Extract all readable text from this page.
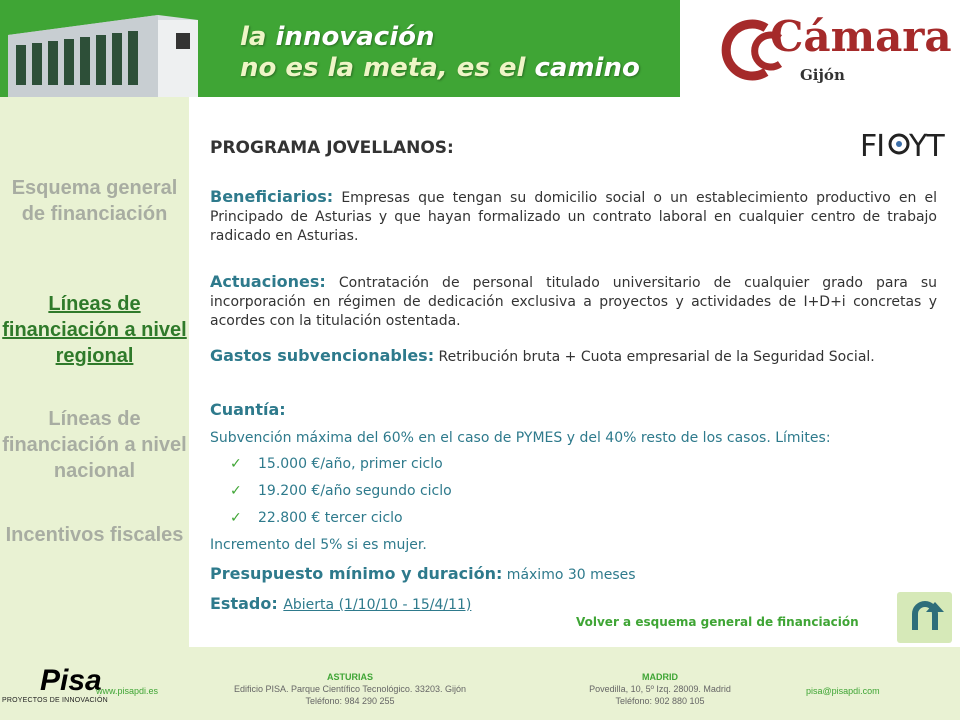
la innovación
no es la meta, es el camino
Cámara
Gijón
Esquema general de financiación
Líneas de financiación a nivel regional
Líneas de financiación a nivel nacional
Incentivos fiscales
FI YT
PROGRAMA JOVELLANOS:
Beneficiarios: Empresas que tengan su domicilio social o un establecimiento productivo en el Principado de Asturias y que hayan formalizado un contrato laboral en cualquier centro de trabajo radicado en Asturias.
Actuaciones: Contratación de personal titulado universitario de cualquier grado para su incorporación en régimen de dedicación exclusiva a proyectos y actividades de I+D+i concretas y acordes con la titulación ostentada.
Gastos subvencionables: Retribución bruta + Cuota empresarial de la Seguridad Social.
Cuantía:
Subvención máxima del 60% en el caso de PYMES y del 40% resto de los casos. Límites:
✓ 15.000 €/año, primer ciclo
✓ 19.200 €/año segundo ciclo
✓ 22.800 € tercer ciclo
Incremento del 5% si es mujer.
Presupuesto mínimo y duración: máximo 30 meses
Estado: Abierta (1/10/10 - 15/4/11)
Volver a esquema general de financiación
Pisa
PROYECTOS DE INNOVACIÓN
www.pisapdi.es
ASTURIAS
Edificio PISA. Parque Científico Tecnológico. 33203. Gijón
Teléfono: 984 290 255
MADRID
Povedilla, 10, 5º Izq. 28009. Madrid
Teléfono: 902 880 105
pisa@pisapdi.com
